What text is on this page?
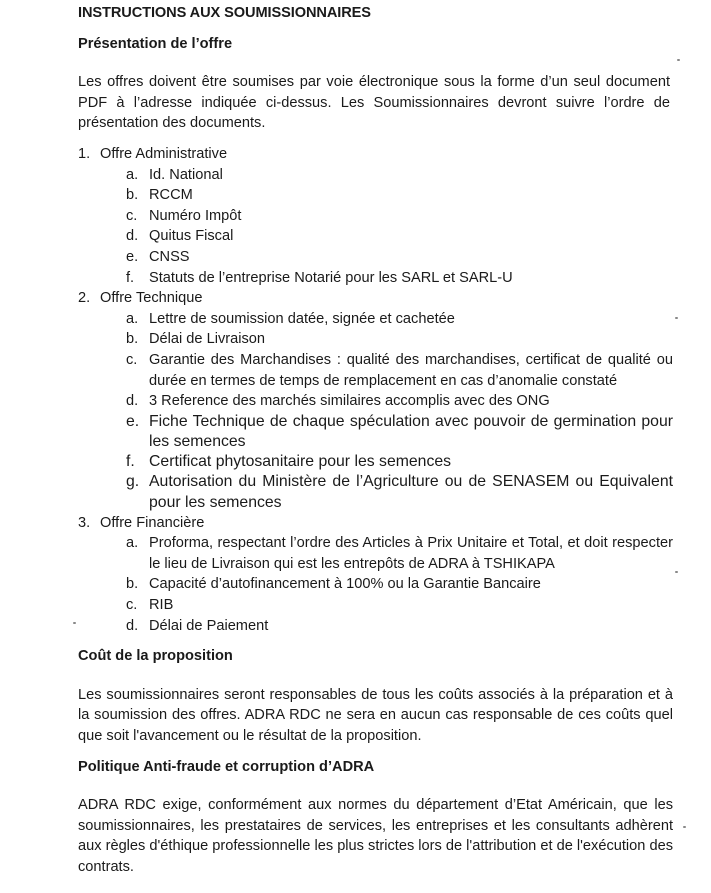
INSTRUCTIONS AUX SOUMISSIONNAIRES
Présentation de l’offre

Les offres doivent être soumises par voie électronique sous la forme d’un seul document PDF à l’adresse indiquée ci-dessus. Les Soumissionnaires devront suivre l’ordre de présentation des documents.

1. Offre Administrative
a. Id. National
b. RCCM
c. Numéro Impôt
d. Quitus Fiscal
e. CNSS
f. Statuts de l’entreprise Notarié pour les SARL et SARL-U
2. Offre Technique
a. Lettre de soumission datée, signée et cachetée
b. Délai de Livraison
c. Garantie des Marchandises : qualité des marchandises, certificat de qualité ou durée en termes de temps de remplacement en cas d’anomalie constaté
d. 3 Reference des marchés similaires accomplis avec des ONG
e. Fiche Technique de chaque spéculation avec pouvoir de germination pour les semences
f. Certificat phytosanitaire pour les semences
g. Autorisation du Ministère de l’Agriculture ou de SENASEM ou Equivalent pour les semences
3. Offre Financière
a. Proforma, respectant l’ordre des Articles à Prix Unitaire et Total, et doit respecter le lieu de Livraison qui est les entrepôts de ADRA à TSHIKAPA
b. Capacité d’autofinancement à 100% ou la Garantie Bancaire
c. RIB
d. Délai de Paiement
Coût de la proposition

Les soumissionnaires seront responsables de tous les coûts associés à la préparation et à la soumission des offres. ADRA RDC ne sera en aucun cas responsable de ces coûts quel que soit l'avancement ou le résultat de la proposition.

Politique Anti-fraude et corruption d’ADRA

ADRA RDC exige, conformément aux normes du département d’Etat Américain, que les soumissionnaires, les prestataires de services, les entreprises et les consultants adhèrent aux règles d'éthique professionnelle les plus strictes lors de l'attribution et de l'exécution des contrats.
